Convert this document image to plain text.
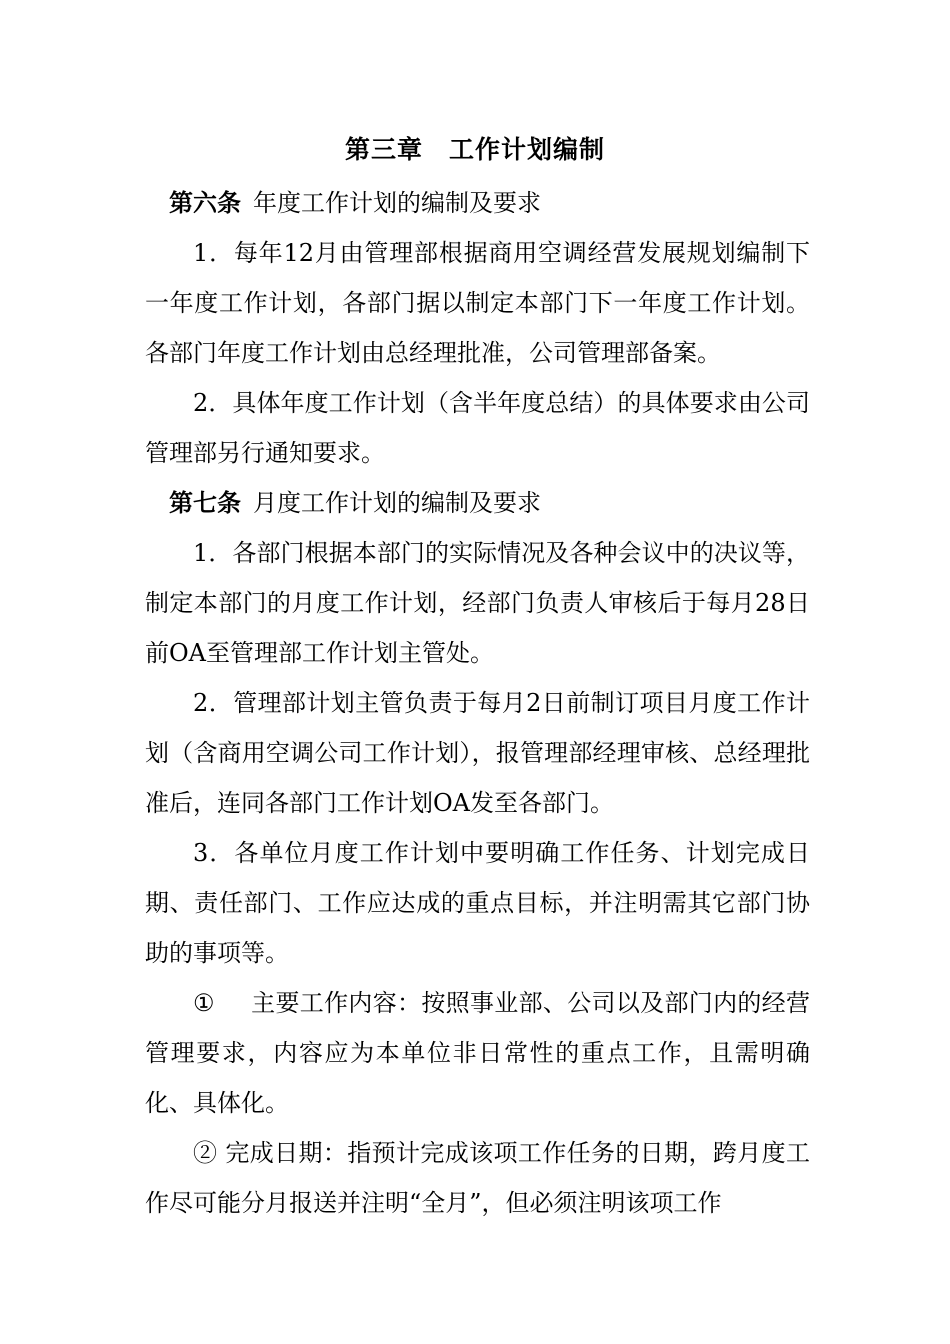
第三章 工作计划编制

第六条 年度工作计划的编制及要求

1．每年12月由管理部根据商用空调经营发展规划编制下一年度工作计划，各部门据以制定本部门下一年度工作计划。各部门年度工作计划由总经理批准，公司管理部备案。

2．具体年度工作计划（含半年度总结）的具体要求由公司管理部另行通知要求。

第七条 月度工作计划的编制及要求

1．各部门根据本部门的实际情况及各种会议中的决议等，制定本部门的月度工作计划，经部门负责人审核后于每月28日前OA至管理部工作计划主管处。

2．管理部计划主管负责于每月2日前制订项目月度工作计划（含商用空调公司工作计划），报管理部经理审核、总经理批准后，连同各部门工作计划OA发至各部门。

3．各单位月度工作计划中要明确工作任务、计划完成日期、责任部门、工作应达成的重点目标，并注明需其它部门协助的事项等。

① 主要工作内容：按照事业部、公司以及部门内的经营管理要求，内容应为本单位非日常性的重点工作，且需明确化、具体化。

② 完成日期：指预计完成该项工作任务的日期，跨月度工作尽可能分月报送并注明“全月”，但必须注明该项工作
